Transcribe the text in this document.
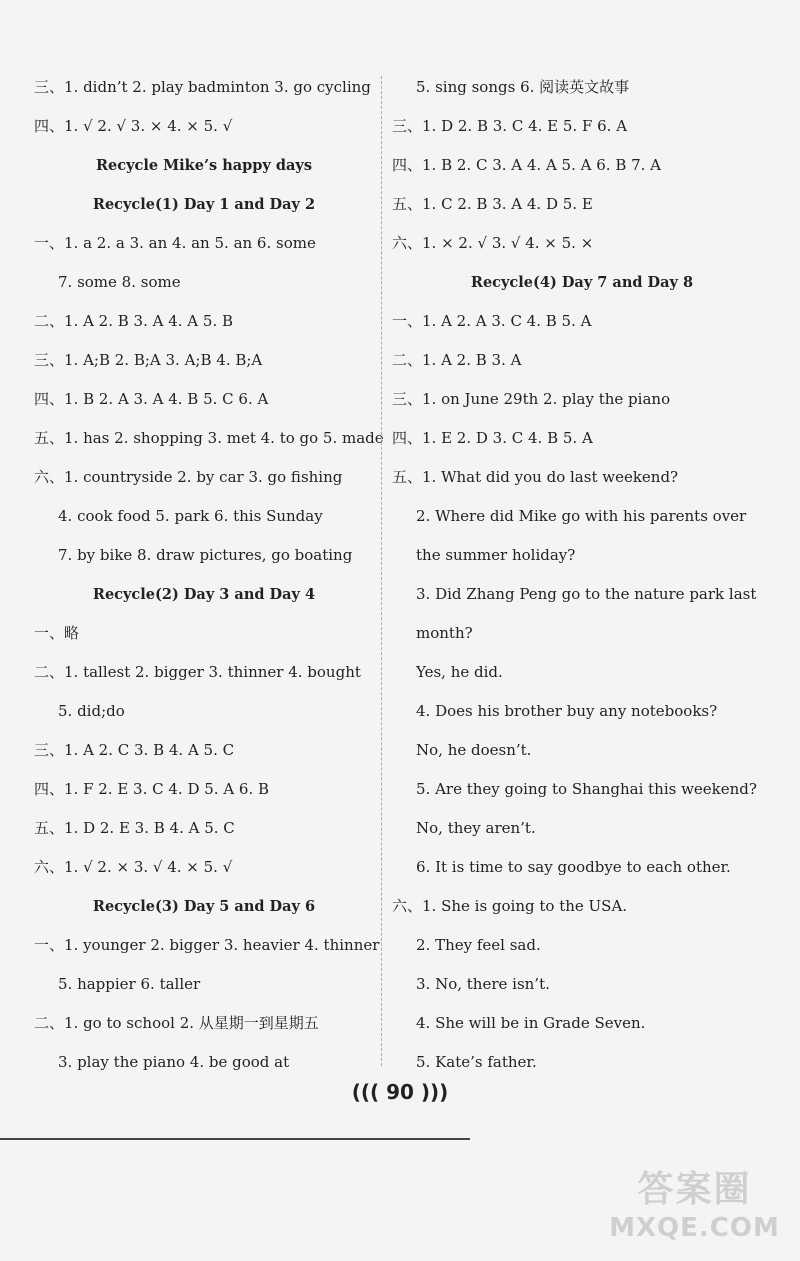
三、1. didn’t 2. play badminton 3. go cycling
四、1. √ 2. √ 3. × 4. × 5. √
Recycle Mike’s happy days
Recycle(1) Day 1 and Day 2
一、1. a 2. a 3. an 4. an 5. an 6. some
7. some 8. some
二、1. A 2. B 3. A 4. A 5. B
三、1. A;B 2. B;A 3. A;B 4. B;A
四、1. B 2. A 3. A 4. B 5. C 6. A
五、1. has 2. shopping 3. met 4. to go 5. made
六、1. countryside 2. by car 3. go fishing
4. cook food 5. park 6. this Sunday
7. by bike 8. draw pictures, go boating
Recycle(2) Day 3 and Day 4
一、略
二、1. tallest 2. bigger 3. thinner 4. bought
5. did;do
三、1. A 2. C 3. B 4. A 5. C
四、1. F 2. E 3. C 4. D 5. A 6. B
五、1. D 2. E 3. B 4. A 5. C
六、1. √ 2. × 3. √ 4. × 5. √
Recycle(3) Day 5 and Day 6
一、1. younger 2. bigger 3. heavier 4. thinner
5. happier 6. taller
二、1. go to school 2. 从星期一到星期五
3. play the piano 4. be good at
5. sing songs 6. 阅读英文故事
三、1. D 2. B 3. C 4. E 5. F 6. A
四、1. B 2. C 3. A 4. A 5. A 6. B 7. A
五、1. C 2. B 3. A 4. D 5. E
六、1. × 2. √ 3. √ 4. × 5. ×
Recycle(4) Day 7 and Day 8
一、1. A 2. A 3. C 4. B 5. A
二、1. A 2. B 3. A
三、1. on June 29th 2. play the piano
四、1. E 2. D 3. C 4. B 5. A
五、1. What did you do last weekend?
2. Where did Mike go with his parents over
the summer holiday?
3. Did Zhang Peng go to the nature park last
month?
Yes, he did.
4. Does his brother buy any notebooks?
No, he doesn’t.
5. Are they going to Shanghai this weekend?
No, they aren’t.
6. It is time to say goodbye to each other.
六、1. She is going to the USA.
2. They feel sad.
3. No, there isn’t.
4. She will be in Grade Seven.
5. Kate’s father.
((( 90 )))
答案圈
MXQE.COM
